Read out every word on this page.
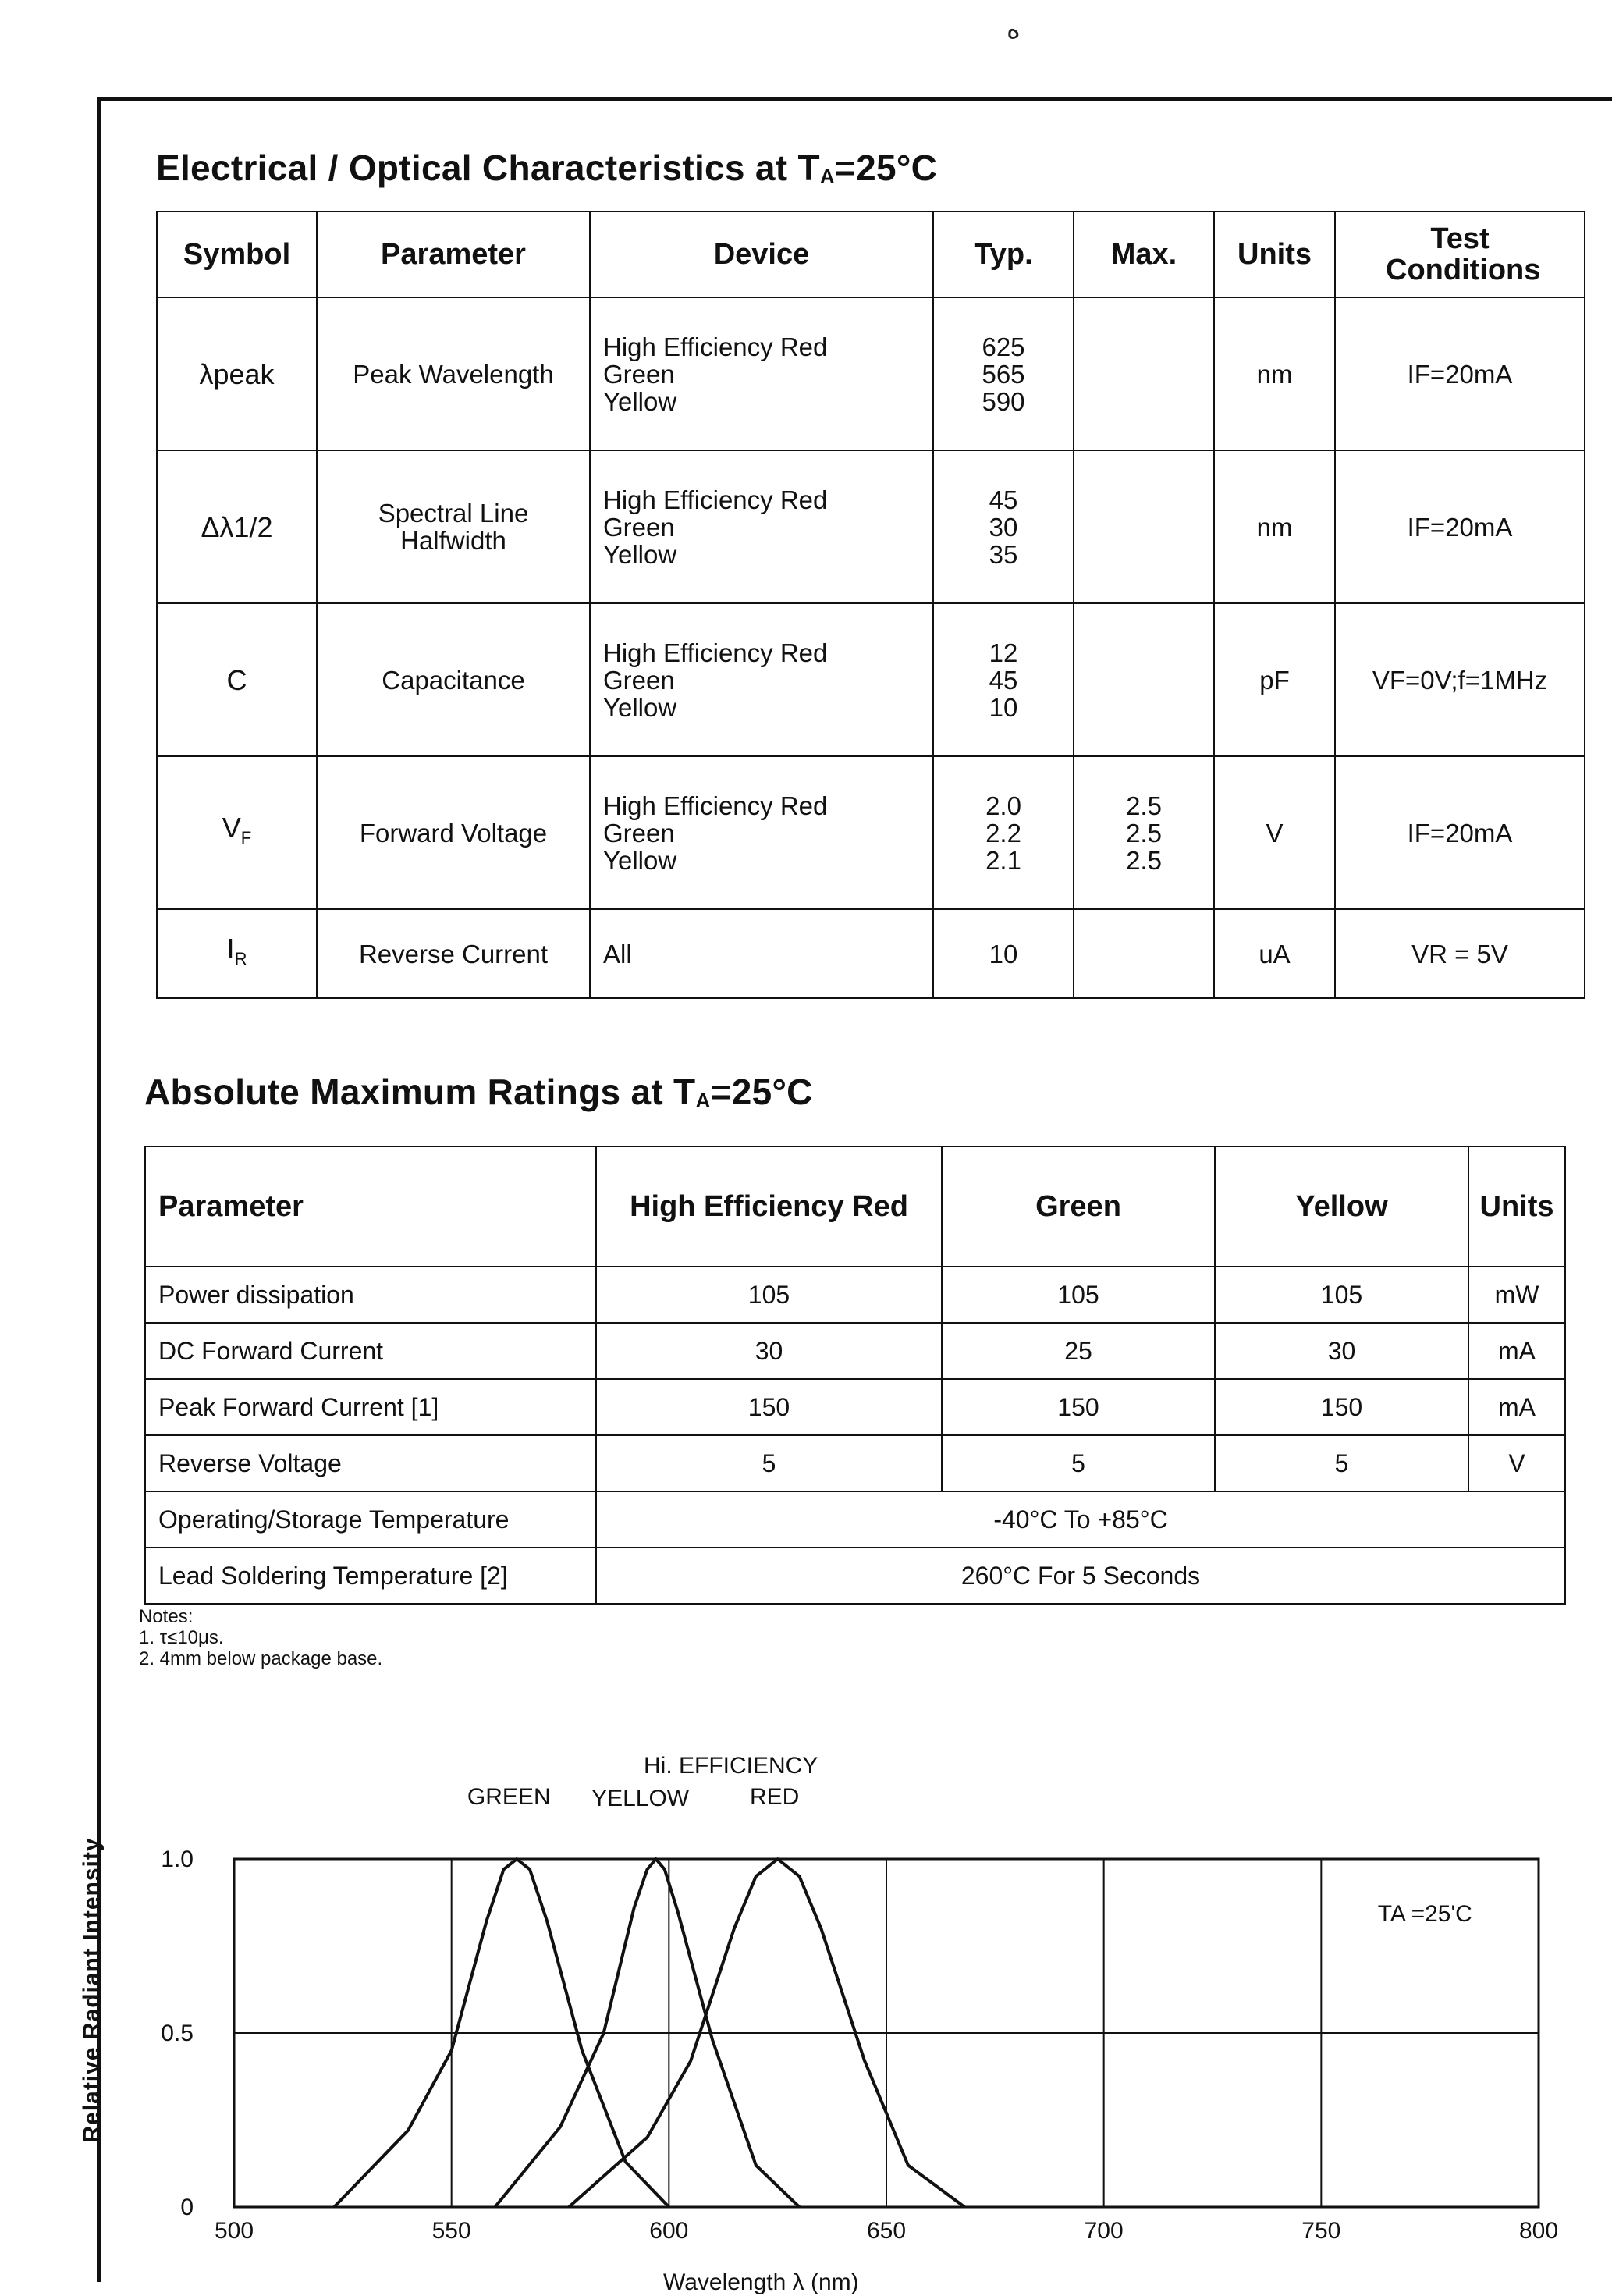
ه
Electrical / Optical Characteristics at $T_A=25^\circ C$
Symbol	Parameter	Device	Typ.	Max.	Units	Test Conditions
λpeak	Peak Wavelength	High Efficiency Red
Green
Yellow	625
565
590		nm	IF=20mA
Δλ1/2	Spectral Line Halfwidth	High Efficiency Red
Green
Yellow	45
30
35		nm	IF=20mA
C	Capacitance	High Efficiency Red
Green
Yellow	12
45
10		pF	VF=0V;f=1MHz
$V_F$	Forward Voltage	High Efficiency Red
Green
Yellow	2.0
2.2
2.1	2.5
2.5
2.5	V	IF=20mA
$I_R$	Reverse Current	All	10		uA	VR = 5V
Absolute Maximum Ratings at $T_A=25^\circ C$
Parameter	High Efficiency Red	Green	Yellow	Units
Power dissipation	105	105	105	mW
DC Forward Current	30	25	30	mA
Peak Forward Current [1]	150	150	150	mA
Reverse Voltage	5	5	5	V
Operating/Storage Temperature	-40°C To +85°C			
Lead Soldering Temperature [2]	260°C For 5 Seconds			
Notes:
1. τ≤10μs.
2. 4mm below package base.
Relative Radiant Intensity
Wavelength λ (nm)
500	550	600	650	700	750	800
0
0.5
1.0
GREEN YELLOW
Hi. EFFICIENCY
RED
TA =25'C
